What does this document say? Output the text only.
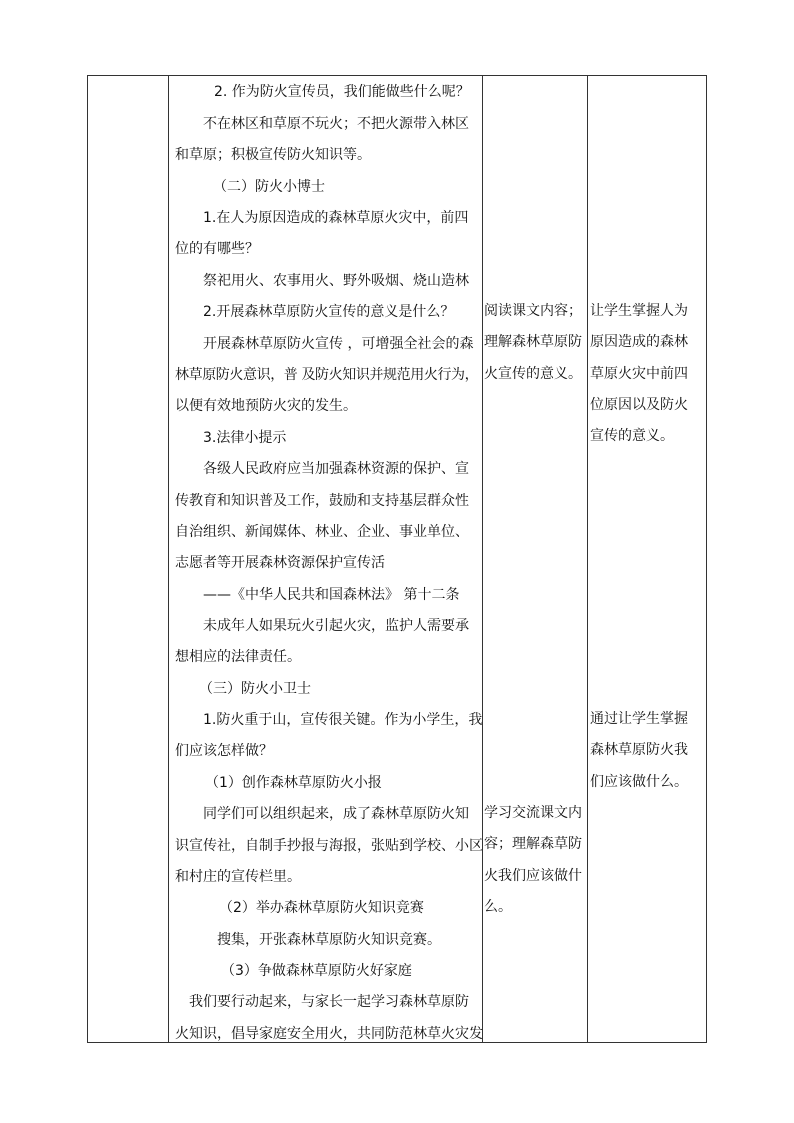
2. 作为防火宣传员，我们能做些什么呢？
不在林区和草原不玩火；不把火源带入林区
和草原；积极宣传防火知识等。
（二）防火小博士
1.在人为原因造成的森林草原火灾中，前四
位的有哪些？
祭祀用火、农事用火、野外吸烟、烧山造林
2.开展森林草原防火宣传的意义是什么？
开展森林草原防火宣传 ，可增强全社会的森
林草原防火意识，普 及防火知识并规范用火行为，
以便有效地预防火灾的发生。
3.法律小提示
各级人民政府应当加强森林资源的保护、宣
传教育和知识普及工作，鼓励和支持基层群众性
自治组织、新闻媒体、林业、企业、事业单位、
志愿者等开展森林资源保护宣传活
——《中华人民共和国森林法》 第十二条
未成年人如果玩火引起火灾，监护人需要承
想相应的法律责任。
（三）防火小卫士
1.防火重于山，宣传很关键。作为小学生，我
们应该怎样做？
（1）创作森林草原防火小报
同学们可以组织起来，成了森林草原防火知
识宣传社，自制手抄报与海报，张贴到学校、小区
和村庄的宣传栏里。
（2）举办森林草原防火知识竞赛
搜集，开张森林草原防火知识竞赛。
（3）争做森林草原防火好家庭
我们要行动起来，与家长一起学习森林草原防
火知识，倡导家庭安全用火，共同防范林草火灾发
阅读课文内容；理解森林草原防火宣传的意义。
让学生掌握人为原因造成的森林草原火灾中前四位原因以及防火宣传的意义。
通过让学生掌握森林草原防火我们应该做什么。
学习交流课文内容；理解森草防火我们应该做什么。
